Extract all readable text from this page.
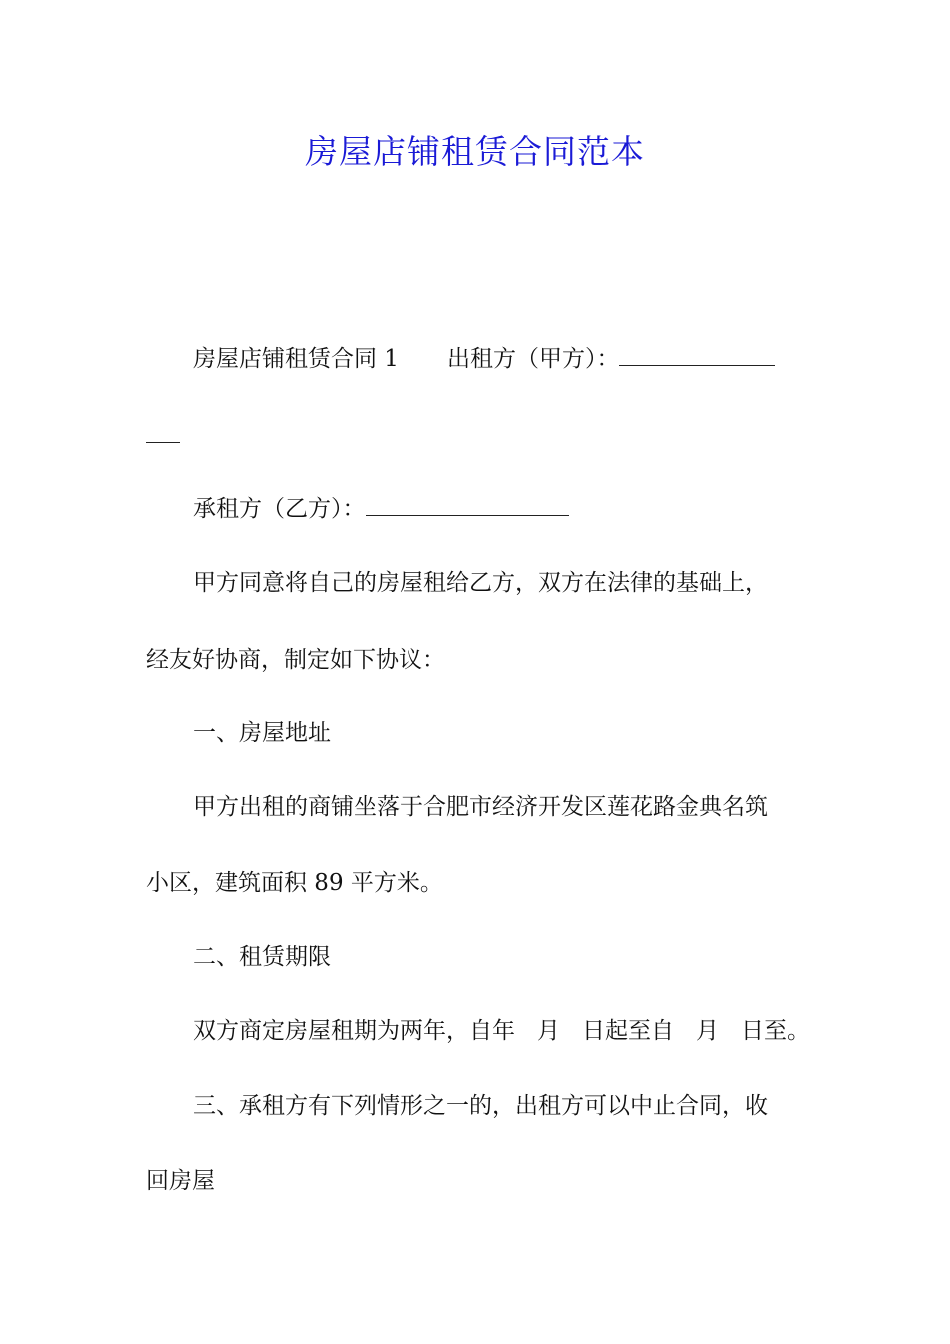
房屋店铺租赁合同范本
房屋店铺租赁合同 1 出租方（甲方）：
承租方（乙方）：
甲方同意将自己的房屋租给乙方，双方在法律的基础上，
经友好协商，制定如下协议：
一、房屋地址
甲方出租的商铺坐落于合肥市经济开发区莲花路金典名筑
小区，建筑面积 89 平方米。
二、租赁期限
双方商定房屋租期为两年，自年 月 日起至自 月 日至。
三、承租方有下列情形之一的，出租方可以中止合同，收
回房屋
